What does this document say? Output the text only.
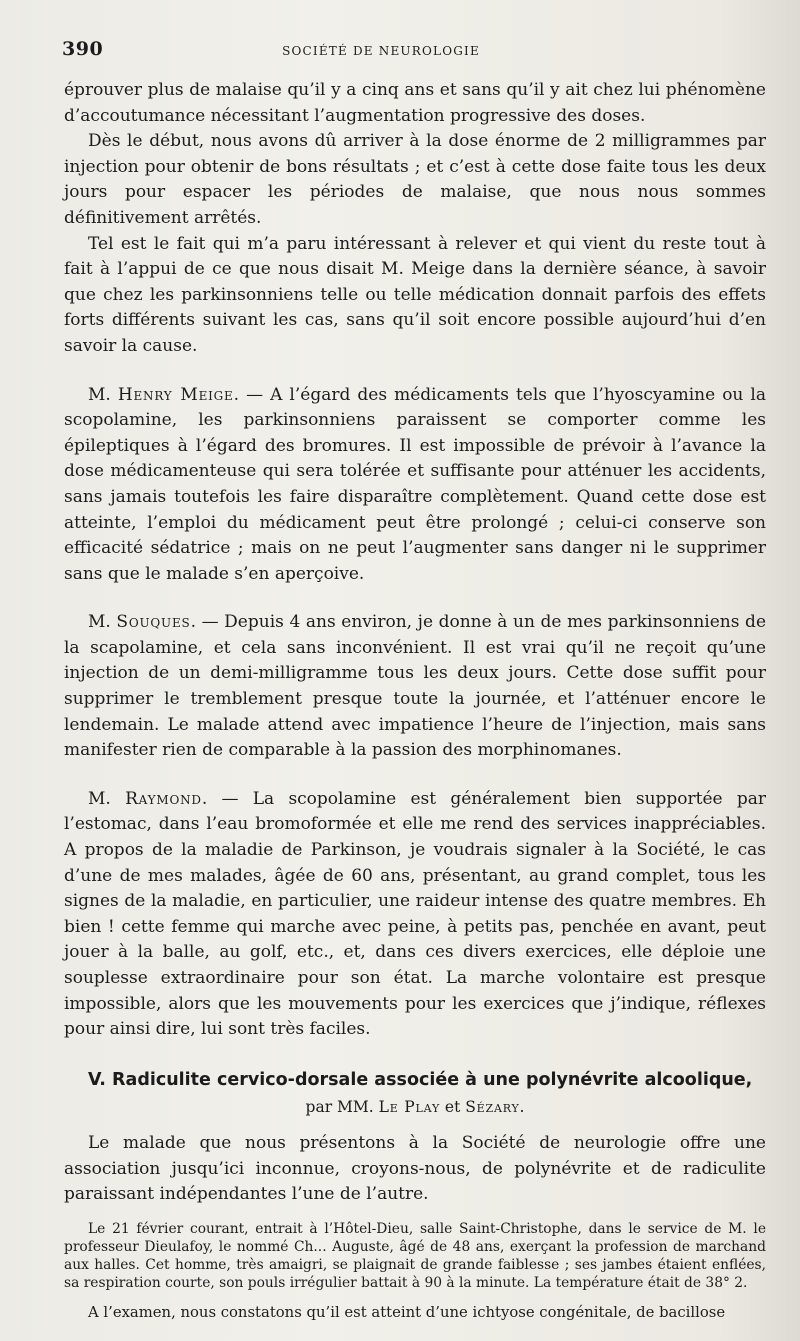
390	SOCIÉTÉ DE NEUROLOGIE

éprouver plus de malaise qu’il y a cinq ans et sans qu’il y ait chez lui phénomène d’accoutumance nécessitant l’augmentation progressive des doses.

Dès le début, nous avons dû arriver à la dose énorme de 2 milligrammes par injection pour obtenir de bons résultats ; et c’est à cette dose faite tous les deux jours pour espacer les périodes de malaise, que nous nous sommes définitivement arrêtés.

Tel est le fait qui m’a paru intéressant à relever et qui vient du reste tout à fait à l’appui de ce que nous disait M. Meige dans la dernière séance, à savoir que chez les parkinsonniens telle ou telle médication donnait parfois des effets forts différents suivant les cas, sans qu’il soit encore possible aujourd’hui d’en savoir la cause.

M. Henry Meige. — A l’égard des médicaments tels que l’hyoscyamine ou la scopolamine, les parkinsonniens paraissent se comporter comme les épileptiques à l’égard des bromures. Il est impossible de prévoir à l’avance la dose médicamenteuse qui sera tolérée et suffisante pour atténuer les accidents, sans jamais toutefois les faire disparaître complètement. Quand cette dose est atteinte, l’emploi du médicament peut être prolongé ; celui-ci conserve son efficacité sédatrice ; mais on ne peut l’augmenter sans danger ni le supprimer sans que le malade s’en aperçoive.

M. Souques. — Depuis 4 ans environ, je donne à un de mes parkinsonniens de la scapolamine, et cela sans inconvénient. Il est vrai qu’il ne reçoit qu’une injection de un demi-milligramme tous les deux jours. Cette dose suffit pour supprimer le tremblement presque toute la journée, et l’atténuer encore le lendemain. Le malade attend avec impatience l’heure de l’injection, mais sans manifester rien de comparable à la passion des morphinomanes.

M. Raymond. — La scopolamine est généralement bien supportée par l’estomac, dans l’eau bromoformée et elle me rend des services inappréciables. A propos de la maladie de Parkinson, je voudrais signaler à la Société, le cas d’une de mes malades, âgée de 60 ans, présentant, au grand complet, tous les signes de la maladie, en particulier, une raideur intense des quatre membres. Eh bien ! cette femme qui marche avec peine, à petits pas, penchée en avant, peut jouer à la balle, au golf, etc., et, dans ces divers exercices, elle déploie une souplesse extraordinaire pour son état. La marche volontaire est presque impossible, alors que les mouvements pour les exercices que j’indique, réflexes pour ainsi dire, lui sont très faciles.

V. Radiculite cervico-dorsale associée à une polynévrite alcoolique,

par MM. Le Play et Sézary.

Le malade que nous présentons à la Société de neurologie offre une association jusqu’ici inconnue, croyons-nous, de polynévrite et de radiculite paraissant indépendantes l’une de l’autre.

Le 21 février courant, entrait à l’Hôtel-Dieu, salle Saint-Christophe, dans le service de M. le professeur Dieulafoy, le nommé Ch... Auguste, âgé de 48 ans, exerçant la profession de marchand aux halles. Cet homme, très amaigri, se plaignait de grande faiblesse ; ses jambes étaient enflées, sa respiration courte, son pouls irrégulier battait à 90 à la minute. La température était de 38° 2.

A l’examen, nous constatons qu’il est atteint d’une ichtyose congénitale, de bacillose
